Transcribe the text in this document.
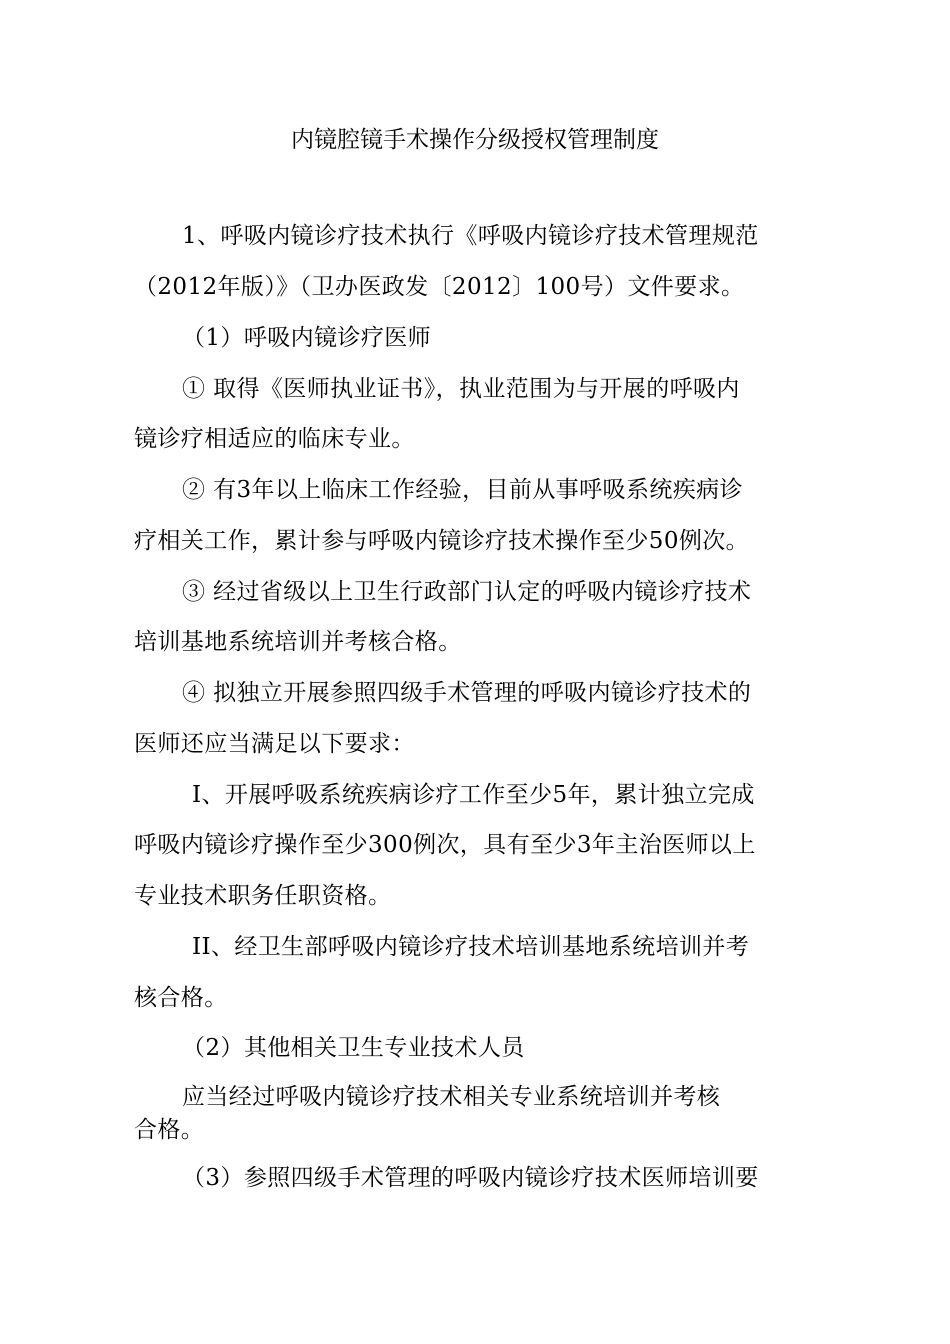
内镜腔镜手术操作分级授权管理制度
1、呼吸内镜诊疗技术执行《呼吸内镜诊疗技术管理规范
（2012年版）》（卫办医政发〔2012〕100号）文件要求。
（1）呼吸内镜诊疗医师
① 取得《医师执业证书》，执业范围为与开展的呼吸内
镜诊疗相适应的临床专业。
② 有3年以上临床工作经验，目前从事呼吸系统疾病诊
疗相关工作，累计参与呼吸内镜诊疗技术操作至少50例次。
③ 经过省级以上卫生行政部门认定的呼吸内镜诊疗技术
培训基地系统培训并考核合格。
④ 拟独立开展参照四级手术管理的呼吸内镜诊疗技术的
医师还应当满足以下要求：
I、开展呼吸系统疾病诊疗工作至少5年，累计独立完成
呼吸内镜诊疗操作至少300例次，具有至少3年主治医师以上
专业技术职务任职资格。
II、经卫生部呼吸内镜诊疗技术培训基地系统培训并考
核合格。
（2）其他相关卫生专业技术人员
应当经过呼吸内镜诊疗技术相关专业系统培训并考核
合格。
（3）参照四级手术管理的呼吸内镜诊疗技术医师培训要
